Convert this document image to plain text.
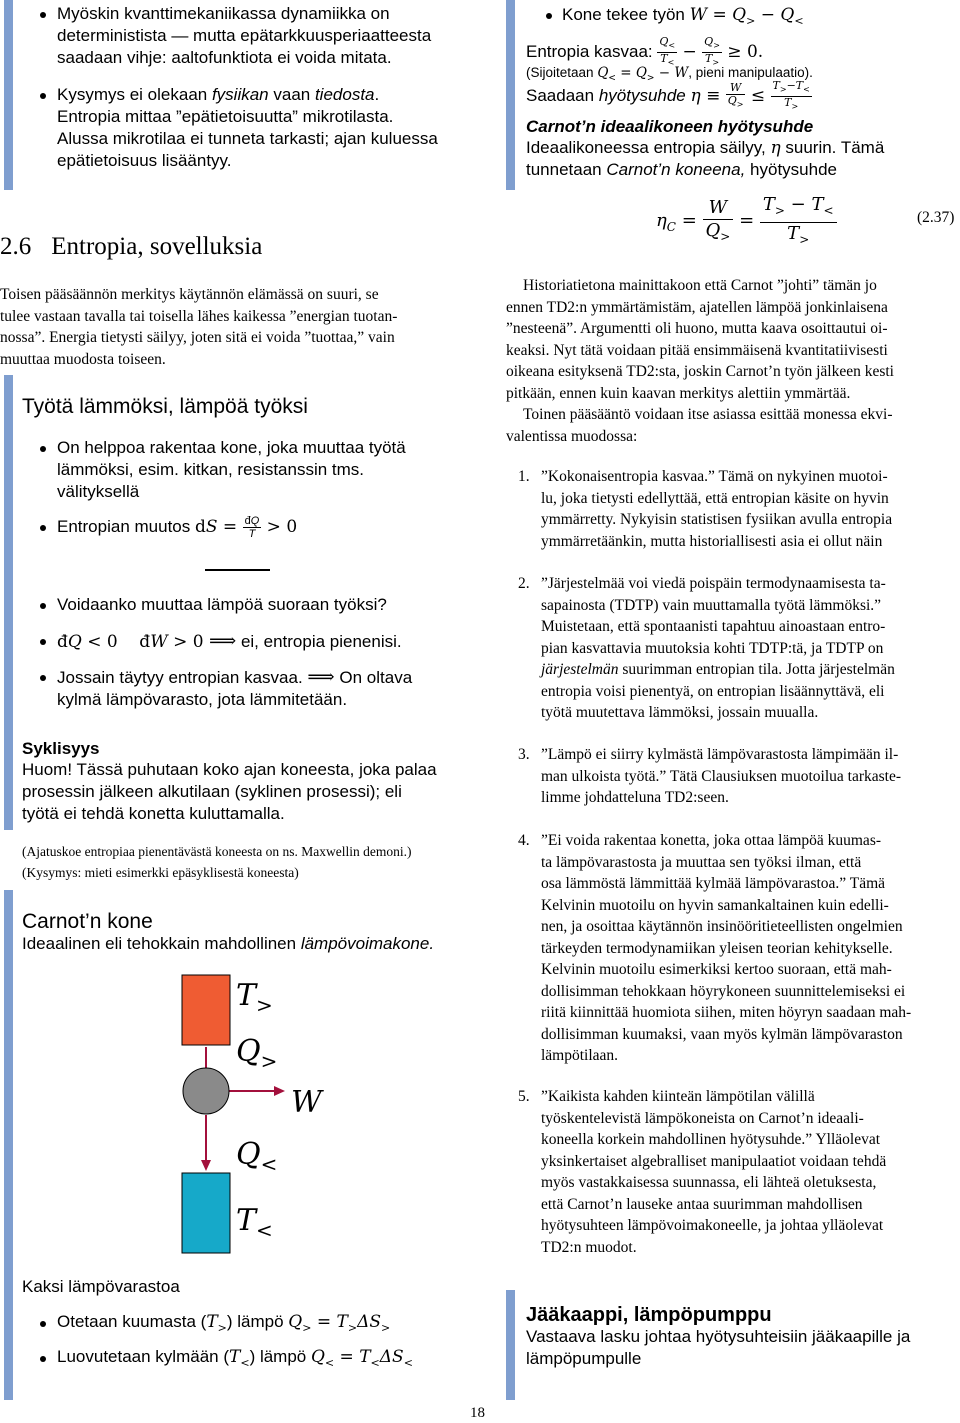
Myöskin kvanttimekaniikassa dynamiikka on
deterministista — mutta epätarkkuusperiaatteesta
saadaan vihje: aaltofunktiota ei voida mitata.
Kysymys ei olekaan fysiikan vaan tiedosta.
Entropia mittaa ”epätietoisuutta” mikrotilasta.
Alussa mikrotilaa ei tunneta tarkasti; ajan kuluessa
epätietoisuus lisääntyy.
2.6 Entropia, sovelluksia
Toisen pääsäännön merkitys käytännön elämässä on suuri, se
tulee vastaan tavalla tai toisella lähes kaikessa ”energian tuotan-
nossa”. Energia tietysti säilyy, joten sitä ei voida ”tuottaa,” vain
muuttaa muodosta toiseen.
Työtä lämmöksi, lämpöä työksi
On helppoa rakentaa kone, joka muuttaa työtä
lämmöksi, esim. kitkan, resistanssin tms.
välityksellä
Entropian muutos dS = $\frac{đQ}{T} > 0$
Voidaanko muuttaa lämpöä suoraan työksi?
đQ < 0    đW > 0 ⟹ ei, entropia pienenisi.
Jossain täytyy entropian kasvaa. ⟹ On oltava
kylmä lämpövarasto, jota lämmitetään.
Syklisyys
Huom! Tässä puhutaan koko ajan koneesta, joka palaa
prosessin jälkeen alkutilaan (syklinen prosessi); eli
työtä ei tehdä konetta kuluttamalla.
(Ajatuskoe entropiaa pienentävästä koneesta on ns. Maxwellin demoni.)
(Kysymys: mieti esimerkki epäsyklisestä koneesta)
Carnot’n kone
Ideaalinen eli tehokkain mahdollinen lämpövoimakone.
$T_>$
$Q_>$
W
$Q_<$
$T_<$
Kaksi lämpövarastoa
Otetaan kuumasta $(T_>)$ lämpö $Q_> = T_>\Delta S_>$
Luovutetaan kylmään $(T_<)$ lämpö $Q_< = T_<\Delta S_<$
Kone tekee työn $W = Q_> - Q_<$
Entropia kasvaa: $\frac{Q_<}{T_<} - \frac{Q_>}{T_>} \ge 0$.
(Sijoitetaan $Q_< = Q_> - W$, pieni manipulaatio).
Saadaan hyötysuhde $\eta \equiv \frac{W}{Q_>} \le \frac{T_>-T_<}{T_>}$
Carnot’n ideaalikoneen hyötysuhde
Ideaalikoneessa entropia säilyy, η suurin. Tämä
tunnetaan Carnot’n koneena, hyötysuhde
$\eta_C = \frac{W}{Q_>} = \frac{T_> - T_<}{T_>}$	(2.37)
Historiatietona mainittakoon että Carnot ”johti” tämän jo
ennen TD2:n ymmärtämistäm, ajatellen lämpöä jonkinlaisena
”nesteenä”. Argumentti oli huono, mutta kaava osoittautui oi-
keaksi. Nyt tätä voidaan pitää ensimmäisenä kvantitatiivisesti
oikeana esityksenä TD2:sta, joskin Carnot’n työn jälkeen kesti
pitkään, ennen kuin kaavan merkitys alettiin ymmärtää.
Toinen pääsääntö voidaan itse asiassa esittää monessa ekvi-
valentissa muodossa:
1. ”Kokonaisentropia kasvaa.” Tämä on nykyinen muotoi-
lu, joka tietysti edellyttää, että entropian käsite on hyvin
ymmärretty. Nykyisin statistisen fysiikan avulla entropia
ymmärretäänkin, mutta historiallisesti asia ei ollut näin
2. ”Järjestelmää voi viedä poispäin termodynaamisesta ta-
sapainosta (TDTP) vain muuttamalla työtä lämmöksi.”
Muistetaan, että spontaanisti tapahtuu ainoastaan entro-
pian kasvattavia muutoksia kohti TDTP:tä, ja TDTP on
järjestelmän suurimman entropian tila. Jotta järjestelmän
entropia voisi pienentyä, on entropian lisäännyttävä, eli
työtä muutettava lämmöksi, jossain muualla.
3. ”Lämpö ei siirry kylmästä lämpövarastosta lämpimään il-
man ulkoista työtä.” Tätä Clausiuksen muotoilua tarkaste-
limme johdatteluna TD2:seen.
4. ”Ei voida rakentaa konetta, joka ottaa lämpöä kuumas-
ta lämpövarastosta ja muuttaa sen työksi ilman, että
osa lämmöstä lämmittää kylmää lämpövarastoa.” Tämä
Kelvinin muotoilu on hyvin samankaltainen kuin edelli-
nen, ja osoittaa käytännön insinööritieteellisten ongelmien
tärkeyden termodynamiikan yleisen teorian kehitykselle.
Kelvinin muotoilu esimerkiksi kertoo suoraan, että mah-
dollisimman tehokkaan höyrykoneen suunnittelemiseksi ei
riitä kiinnittää huomiota siihen, miten höyryn saadaan mah-
dollisimman kuumaksi, vaan myös kylmän lämpövaraston
lämpötilaan.
5. ”Kaikista kahden kiinteän lämpötilan välillä
työskentelevistä lämpökoneista on Carnot’n ideaali-
koneella korkein mahdollinen hyötysuhde.” Ylläolevat
yksinkertaiset algebralliset manipulaatiot voidaan tehdä
myös vastakkaisessa suunnassa, eli lähteä oletuksesta,
että Carnot’n lauseke antaa suurimman mahdollisen
hyötysuhteen lämpövoimakoneelle, ja johtaa ylläolevat
TD2:n muodot.
Jääkaappi, lämpöpumppu
Vastaava lasku johtaa hyötysuhteisiin jääkaapille ja
lämpöpumpulle
18
